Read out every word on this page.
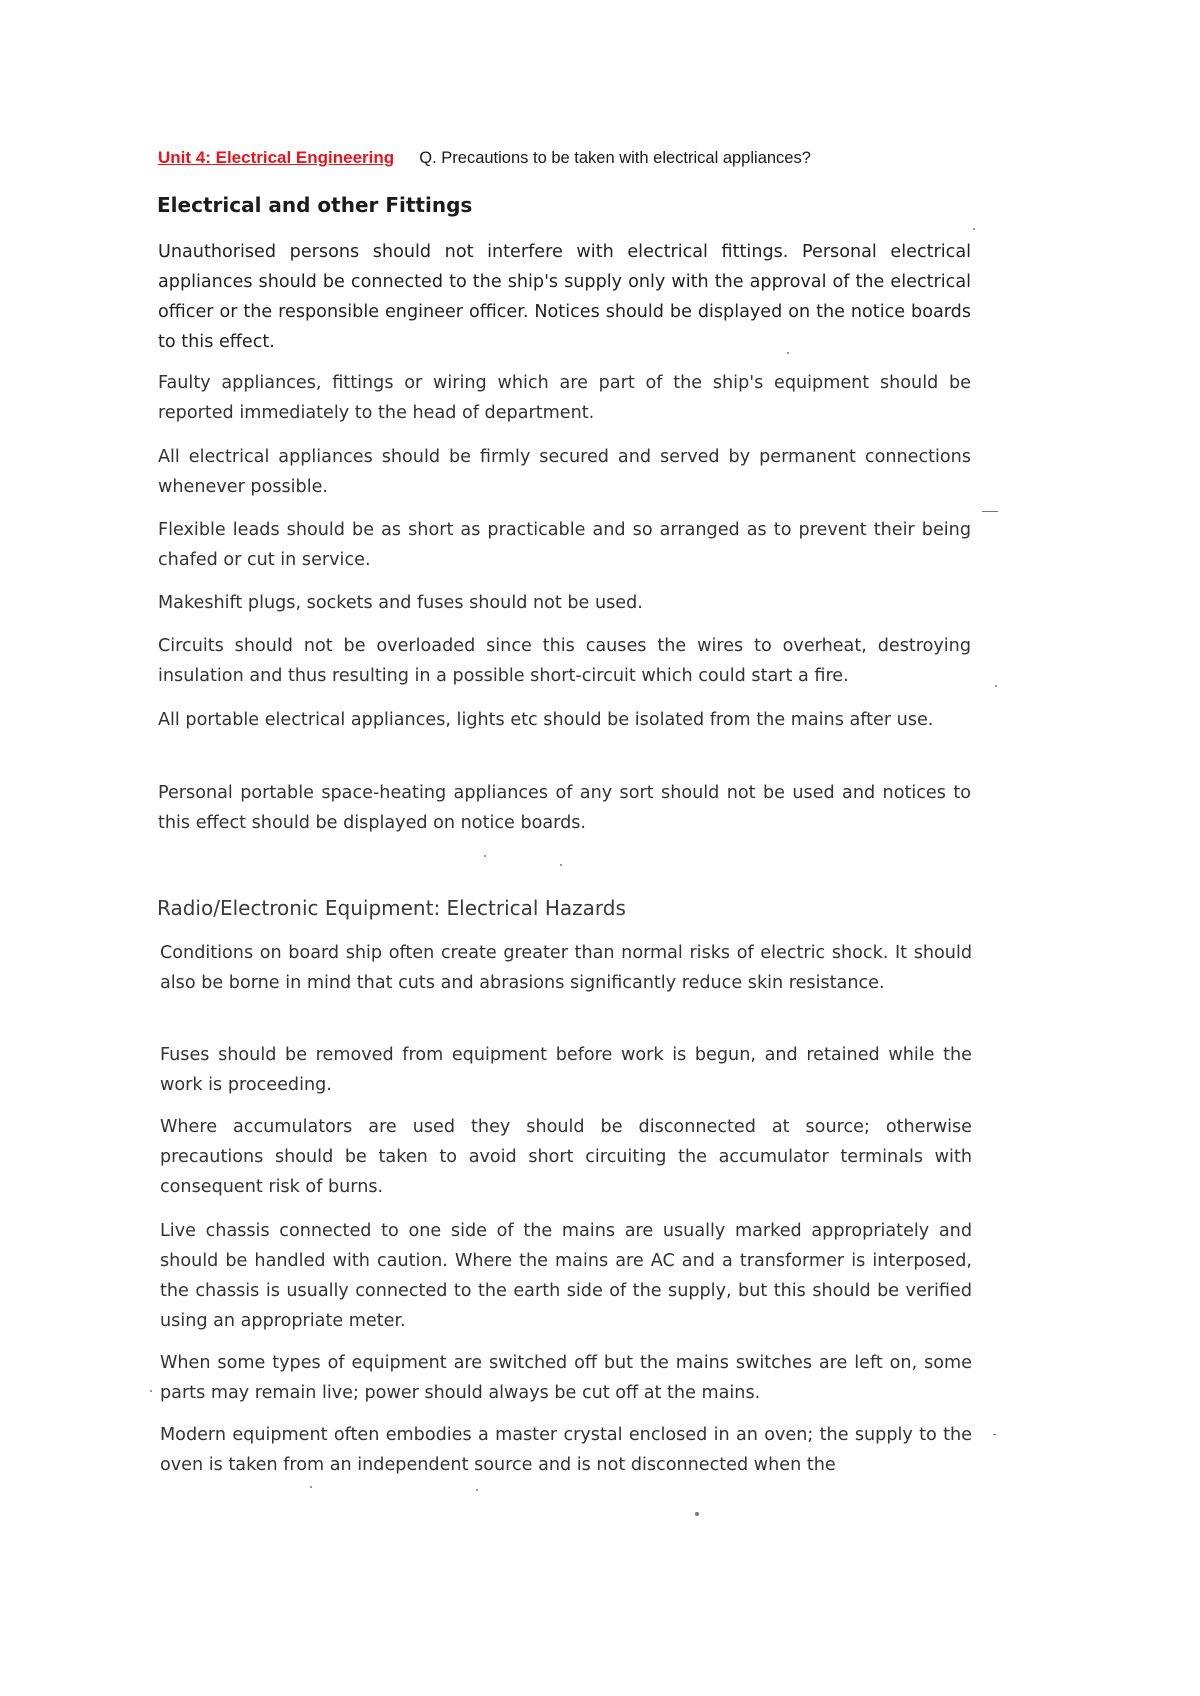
Unit 4: Electrical Engineering Q. Precautions to be taken with electrical appliances?
Electrical and other Fittings

Unauthorised persons should not interfere with electrical fittings. Personal electrical appliances should be connected to the ship's supply only with the approval of the electrical officer or the responsible engineer officer. Notices should be displayed on the notice boards to this effect.

Faulty appliances, fittings or wiring which are part of the ship's equipment should be reported immediately to the head of department.

All electrical appliances should be firmly secured and served by permanent connections whenever possible.

Flexible leads should be as short as practicable and so arranged as to prevent their being chafed or cut in service.

Makeshift plugs, sockets and fuses should not be used.

Circuits should not be overloaded since this causes the wires to overheat, destroying insulation and thus resulting in a possible short-circuit which could start a fire.

All portable electrical appliances, lights etc should be isolated from the mains after use.

Personal portable space-heating appliances of any sort should not be used and notices to this effect should be displayed on notice boards.

Radio/Electronic Equipment: Electrical Hazards

Conditions on board ship often create greater than normal risks of electric shock. It should also be borne in mind that cuts and abrasions significantly reduce skin resistance.

Fuses should be removed from equipment before work is begun, and retained while the work is proceeding.

Where accumulators are used they should be disconnected at source; otherwise precautions should be taken to avoid short circuiting the accumulator terminals with consequent risk of burns.

Live chassis connected to one side of the mains are usually marked appropriately and should be handled with caution. Where the mains are AC and a transformer is interposed, the chassis is usually connected to the earth side of the supply, but this should be verified using an appropriate meter.

When some types of equipment are switched off but the mains switches are left on, some parts may remain live; power should always be cut off at the mains.

Modern equipment often embodies a master crystal enclosed in an oven; the supply to the oven is taken from an independent source and is not disconnected when the
